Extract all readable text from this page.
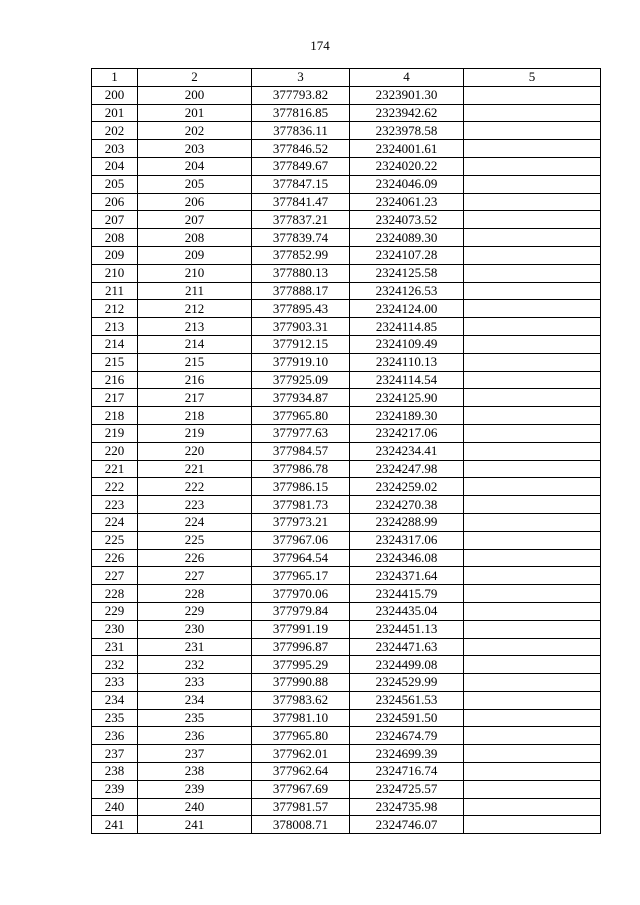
174
1	2	3	4	5
200	200	377793.82	2323901.30	
201	201	377816.85	2323942.62	
202	202	377836.11	2323978.58	
203	203	377846.52	2324001.61	
204	204	377849.67	2324020.22	
205	205	377847.15	2324046.09	
206	206	377841.47	2324061.23	
207	207	377837.21	2324073.52	
208	208	377839.74	2324089.30	
209	209	377852.99	2324107.28	
210	210	377880.13	2324125.58	
211	211	377888.17	2324126.53	
212	212	377895.43	2324124.00	
213	213	377903.31	2324114.85	
214	214	377912.15	2324109.49	
215	215	377919.10	2324110.13	
216	216	377925.09	2324114.54	
217	217	377934.87	2324125.90	
218	218	377965.80	2324189.30	
219	219	377977.63	2324217.06	
220	220	377984.57	2324234.41	
221	221	377986.78	2324247.98	
222	222	377986.15	2324259.02	
223	223	377981.73	2324270.38	
224	224	377973.21	2324288.99	
225	225	377967.06	2324317.06	
226	226	377964.54	2324346.08	
227	227	377965.17	2324371.64	
228	228	377970.06	2324415.79	
229	229	377979.84	2324435.04	
230	230	377991.19	2324451.13	
231	231	377996.87	2324471.63	
232	232	377995.29	2324499.08	
233	233	377990.88	2324529.99	
234	234	377983.62	2324561.53	
235	235	377981.10	2324591.50	
236	236	377965.80	2324674.79	
237	237	377962.01	2324699.39	
238	238	377962.64	2324716.74	
239	239	377967.69	2324725.57	
240	240	377981.57	2324735.98	
241	241	378008.71	2324746.07	
